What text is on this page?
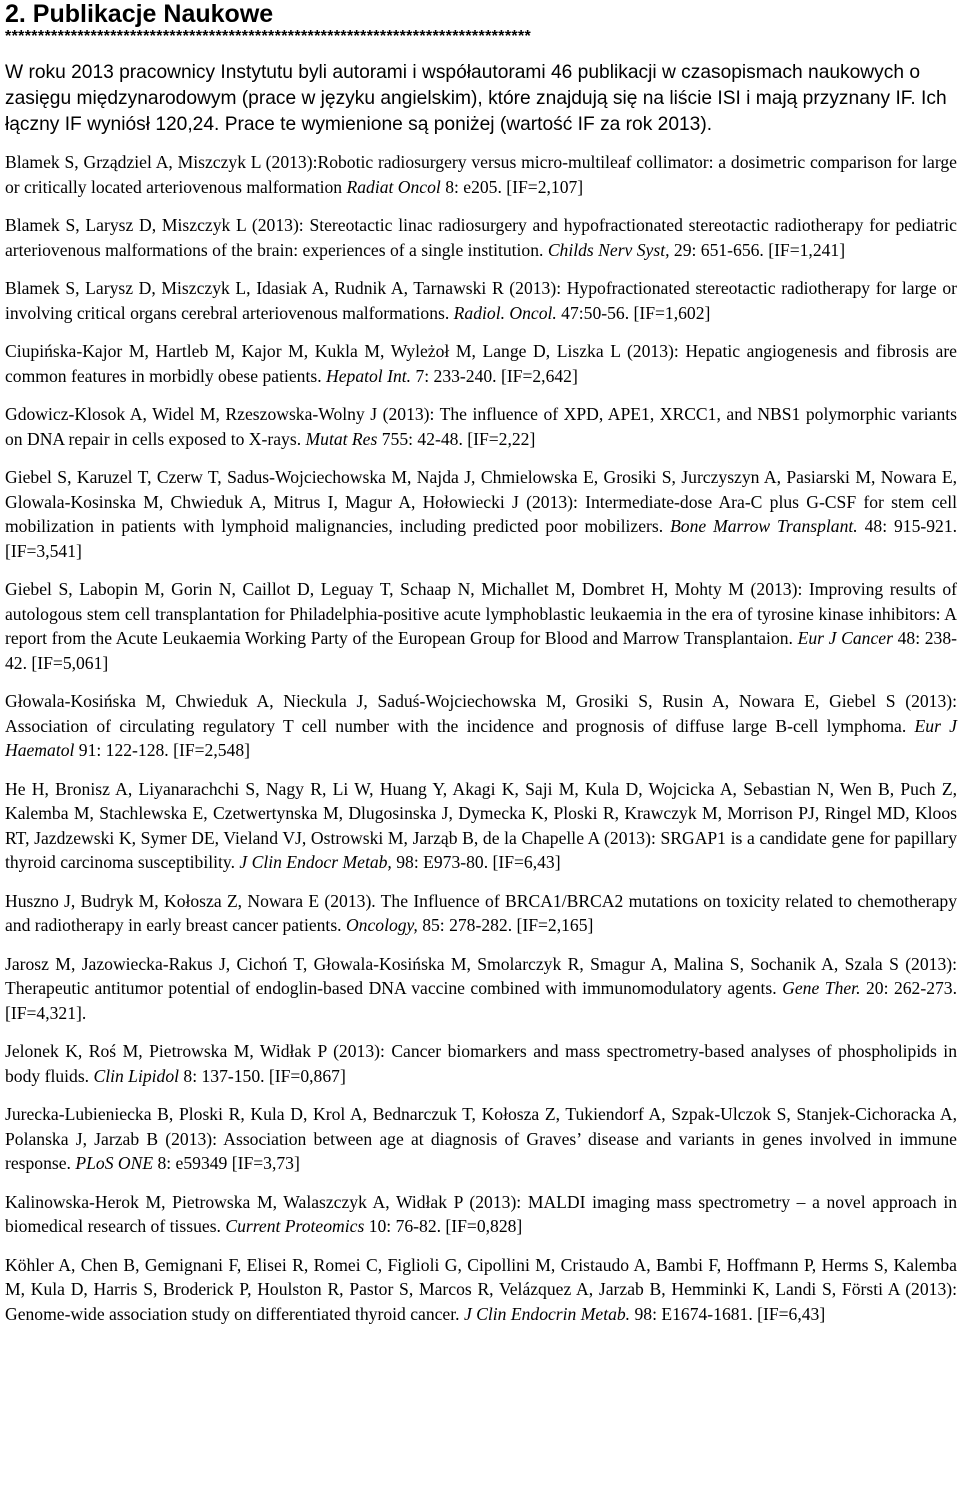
2. Publikacje Naukowe
********************************************************************************

W roku 2013 pracownicy Instytutu byli autorami i współautorami 46 publikacji w czasopismach naukowych o zasięgu międzynarodowym (prace w języku angielskim), które znajdują się na liście ISI i mają przyznany IF. Ich łączny IF wyniósł 120,24. Prace te wymienione są poniżej (wartość IF za rok 2013).

Blamek S, Grządziel A, Miszczyk L (2013):Robotic radiosurgery versus micro-multileaf collimator: a dosimetric comparison for large or critically located arteriovenous malformation Radiat Oncol 8: e205. [IF=2,107]
Blamek S, Larysz D, Miszczyk L (2013): Stereotactic linac radiosurgery and hypofractionated stereotactic radiotherapy for pediatric arteriovenous malformations of the brain: experiences of a single institution. Childs Nerv Syst, 29: 651-656. [IF=1,241]
Blamek S, Larysz D, Miszczyk L, Idasiak A, Rudnik A, Tarnawski R (2013): Hypofractionated stereotactic radiotherapy for large or involving critical organs cerebral arteriovenous malformations. Radiol. Oncol. 47:50-56. [IF=1,602]
Ciupińska-Kajor M, Hartleb M, Kajor M, Kukla M, Wyleżoł M, Lange D, Liszka L (2013): Hepatic angiogenesis and fibrosis are common features in morbidly obese patients. Hepatol Int. 7: 233-240. [IF=2,642]
Gdowicz-Klosok A, Widel M, Rzeszowska-Wolny J (2013): The influence of XPD, APE1, XRCC1, and NBS1 polymorphic variants on DNA repair in cells exposed to X-rays. Mutat Res 755: 42-48. [IF=2,22]
Giebel S, Karuzel T, Czerw T, Sadus-Wojciechowska M, Najda J, Chmielowska E, Grosiki S, Jurczyszyn A, Pasiarski M, Nowara E, Glowala-Kosinska M, Chwieduk A, Mitrus I, Magur A, Hołowiecki J (2013): Intermediate-dose Ara-C plus G-CSF for stem cell mobilization in patients with lymphoid malignancies, including predicted poor mobilizers. Bone Marrow Transplant. 48: 915-921. [IF=3,541]
Giebel S, Labopin M, Gorin N, Caillot D, Leguay T, Schaap N, Michallet M, Dombret H, Mohty M (2013): Improving results of autologous stem cell transplantation for Philadelphia-positive acute lymphoblastic leukaemia in the era of tyrosine kinase inhibitors: A report from the Acute Leukaemia Working Party of the European Group for Blood and Marrow Transplantaion. Eur J Cancer 48: 238-42. [IF=5,061]
Głowala-Kosińska M, Chwieduk A, Nieckula J, Saduś-Wojciechowska M, Grosiki S, Rusin A, Nowara E, Giebel S (2013): Association of circulating regulatory T cell number with the incidence and prognosis of diffuse large B-cell lymphoma. Eur J Haematol 91: 122-128. [IF=2,548]
He H, Bronisz A, Liyanarachchi S, Nagy R, Li W, Huang Y, Akagi K, Saji M, Kula D, Wojcicka A, Sebastian N, Wen B, Puch Z, Kalemba M, Stachlewska E, Czetwertynska M, Dlugosinska J, Dymecka K, Ploski R, Krawczyk M, Morrison PJ, Ringel MD, Kloos RT, Jazdzewski K, Symer DE, Vieland VJ, Ostrowski M, Jarząb B, de la Chapelle A (2013): SRGAP1 is a candidate gene for papillary thyroid carcinoma susceptibility. J Clin Endocr Metab, 98: E973-80. [IF=6,43]
Huszno J, Budryk M, Kołosza Z, Nowara E (2013). The Influence of BRCA1/BRCA2 mutations on toxicity related to chemotherapy and radiotherapy in early breast cancer patients. Oncology, 85: 278-282. [IF=2,165]
Jarosz M, Jazowiecka-Rakus J, Cichoń T, Głowala-Kosińska M, Smolarczyk R, Smagur A, Malina S, Sochanik A, Szala S (2013): Therapeutic antitumor potential of endoglin-based DNA vaccine combined with immunomodulatory agents. Gene Ther. 20: 262-273. [IF=4,321].
Jelonek K, Roś M, Pietrowska M, Widłak P (2013): Cancer biomarkers and mass spectrometry-based analyses of phospholipids in body fluids. Clin Lipidol 8: 137-150. [IF=0,867]
Jurecka-Lubieniecka B, Ploski R, Kula D, Krol A, Bednarczuk T, Kołosza Z, Tukiendorf A, Szpak-Ulczok S, Stanjek-Cichoracka A, Polanska J, Jarzab B (2013): Association between age at diagnosis of Graves’ disease and variants in genes involved in immune response. PLoS ONE 8: e59349 [IF=3,73]
Kalinowska-Herok M, Pietrowska M, Walaszczyk A, Widłak P (2013): MALDI imaging mass spectrometry – a novel approach in biomedical research of tissues. Current Proteomics 10: 76-82. [IF=0,828]
Köhler A, Chen B, Gemignani F, Elisei R, Romei C, Figlioli G, Cipollini M, Cristaudo A, Bambi F, Hoffmann P, Herms S, Kalemba M, Kula D, Harris S, Broderick P, Houlston R, Pastor S, Marcos R, Velázquez A, Jarzab B, Hemminki K, Landi S, Försti A (2013): Genome-wide association study on differentiated thyroid cancer. J Clin Endocrin Metab. 98: E1674-1681. [IF=6,43]
